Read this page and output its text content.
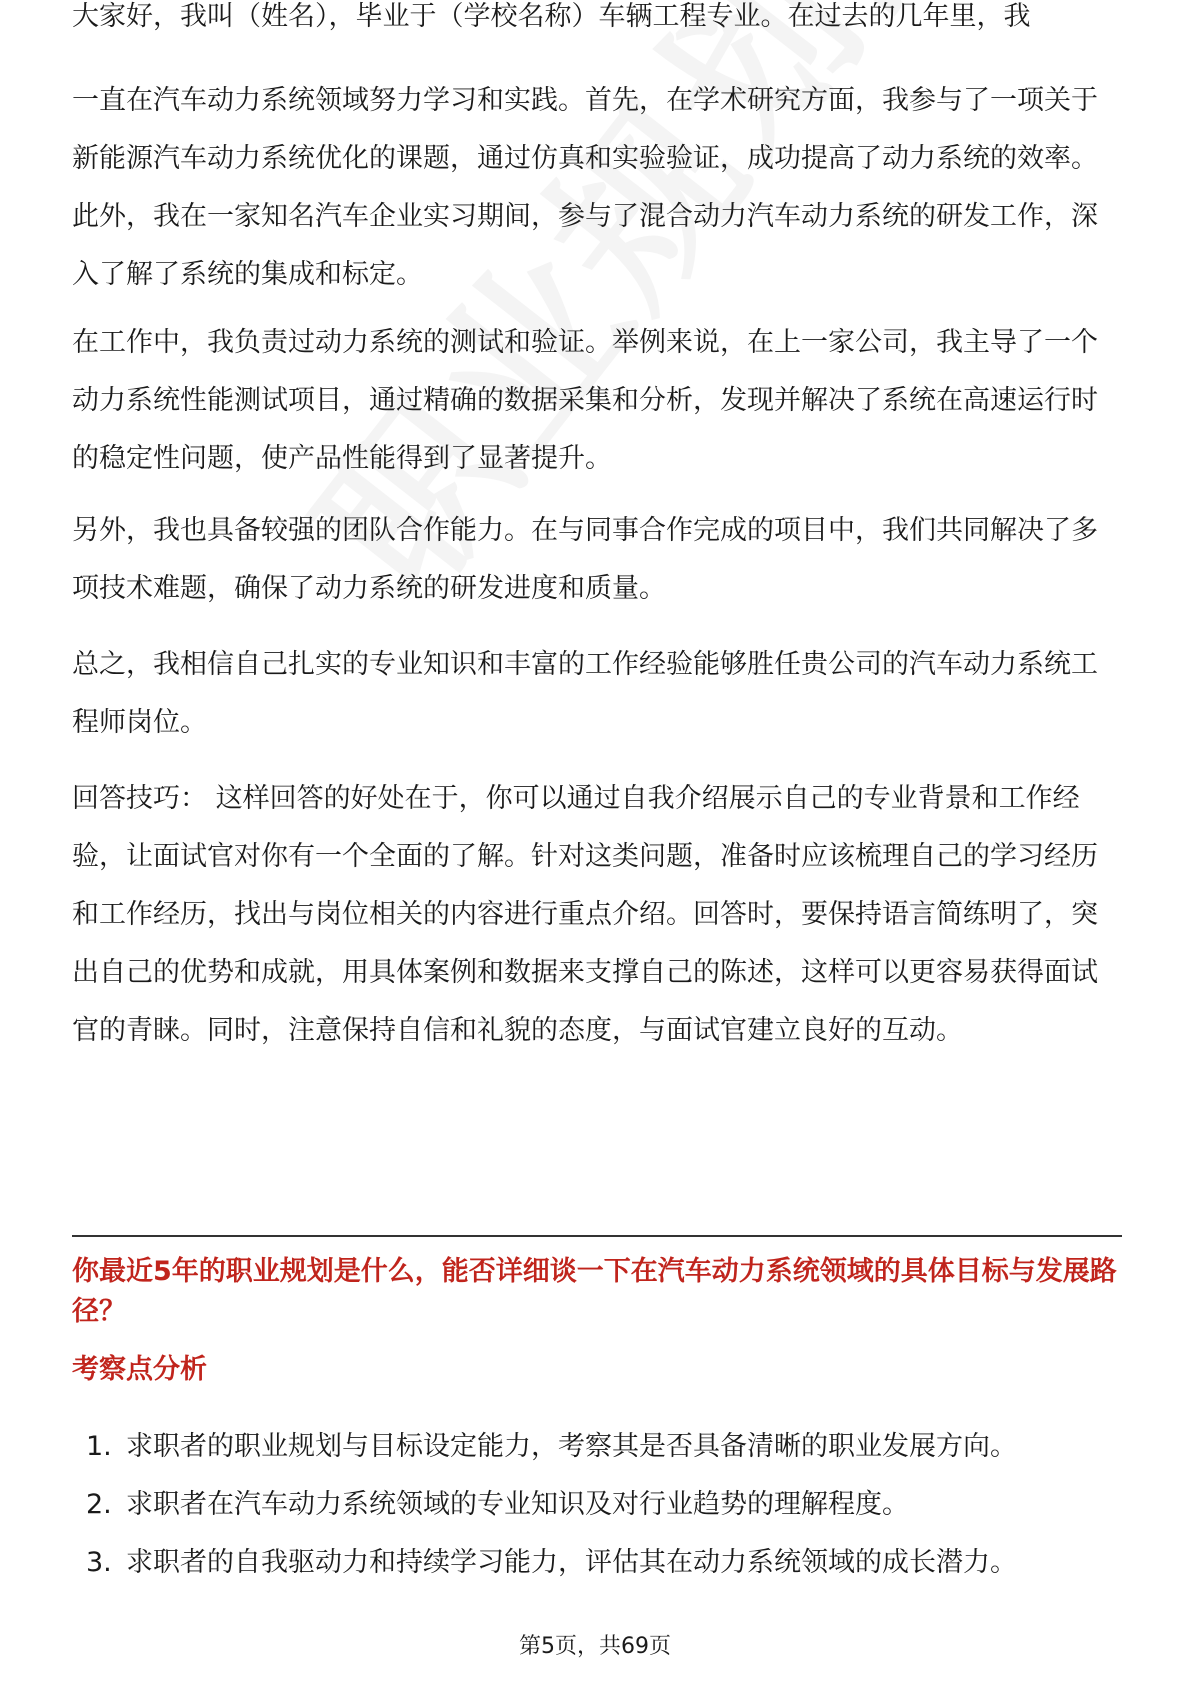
大家好，我叫（姓名），毕业于（学校名称）车辆工程专业。在过去的几年里，我

一直在汽车动力系统领域努力学习和实践。首先，在学术研究方面，我参与了一项关于新能源汽车动力系统优化的课题，通过仿真和实验验证，成功提高了动力系统的效率。此外，我在一家知名汽车企业实习期间，参与了混合动力汽车动力系统的研发工作，深入了解了系统的集成和标定。

在工作中，我负责过动力系统的测试和验证。举例来说，在上一家公司，我主导了一个动力系统性能测试项目，通过精确的数据采集和分析，发现并解决了系统在高速运行时的稳定性问题，使产品性能得到了显著提升。

另外，我也具备较强的团队合作能力。在与同事合作完成的项目中，我们共同解决了多项技术难题，确保了动力系统的研发进度和质量。

总之，我相信自己扎实的专业知识和丰富的工作经验能够胜任贵公司的汽车动力系统工程师岗位。

回答技巧： 这样回答的好处在于，你可以通过自我介绍展示自己的专业背景和工作经验，让面试官对你有一个全面的了解。针对这类问题，准备时应该梳理自己的学习经历和工作经历，找出与岗位相关的内容进行重点介绍。回答时，要保持语言简练明了，突出自己的优势和成就，用具体案例和数据来支撑自己的陈述，这样可以更容易获得面试官的青睐。同时，注意保持自信和礼貌的态度，与面试官建立良好的互动。

你最近5年的职业规划是什么，能否详细谈一下在汽车动力系统领域的具体目标与发展路径？

考察点分析

1. 求职者的职业规划与目标设定能力，考察其是否具备清晰的职业发展方向。
2. 求职者在汽车动力系统领域的专业知识及对行业趋势的理解程度。
3. 求职者的自我驱动力和持续学习能力，评估其在动力系统领域的成长潜力。
第5页，共69页
